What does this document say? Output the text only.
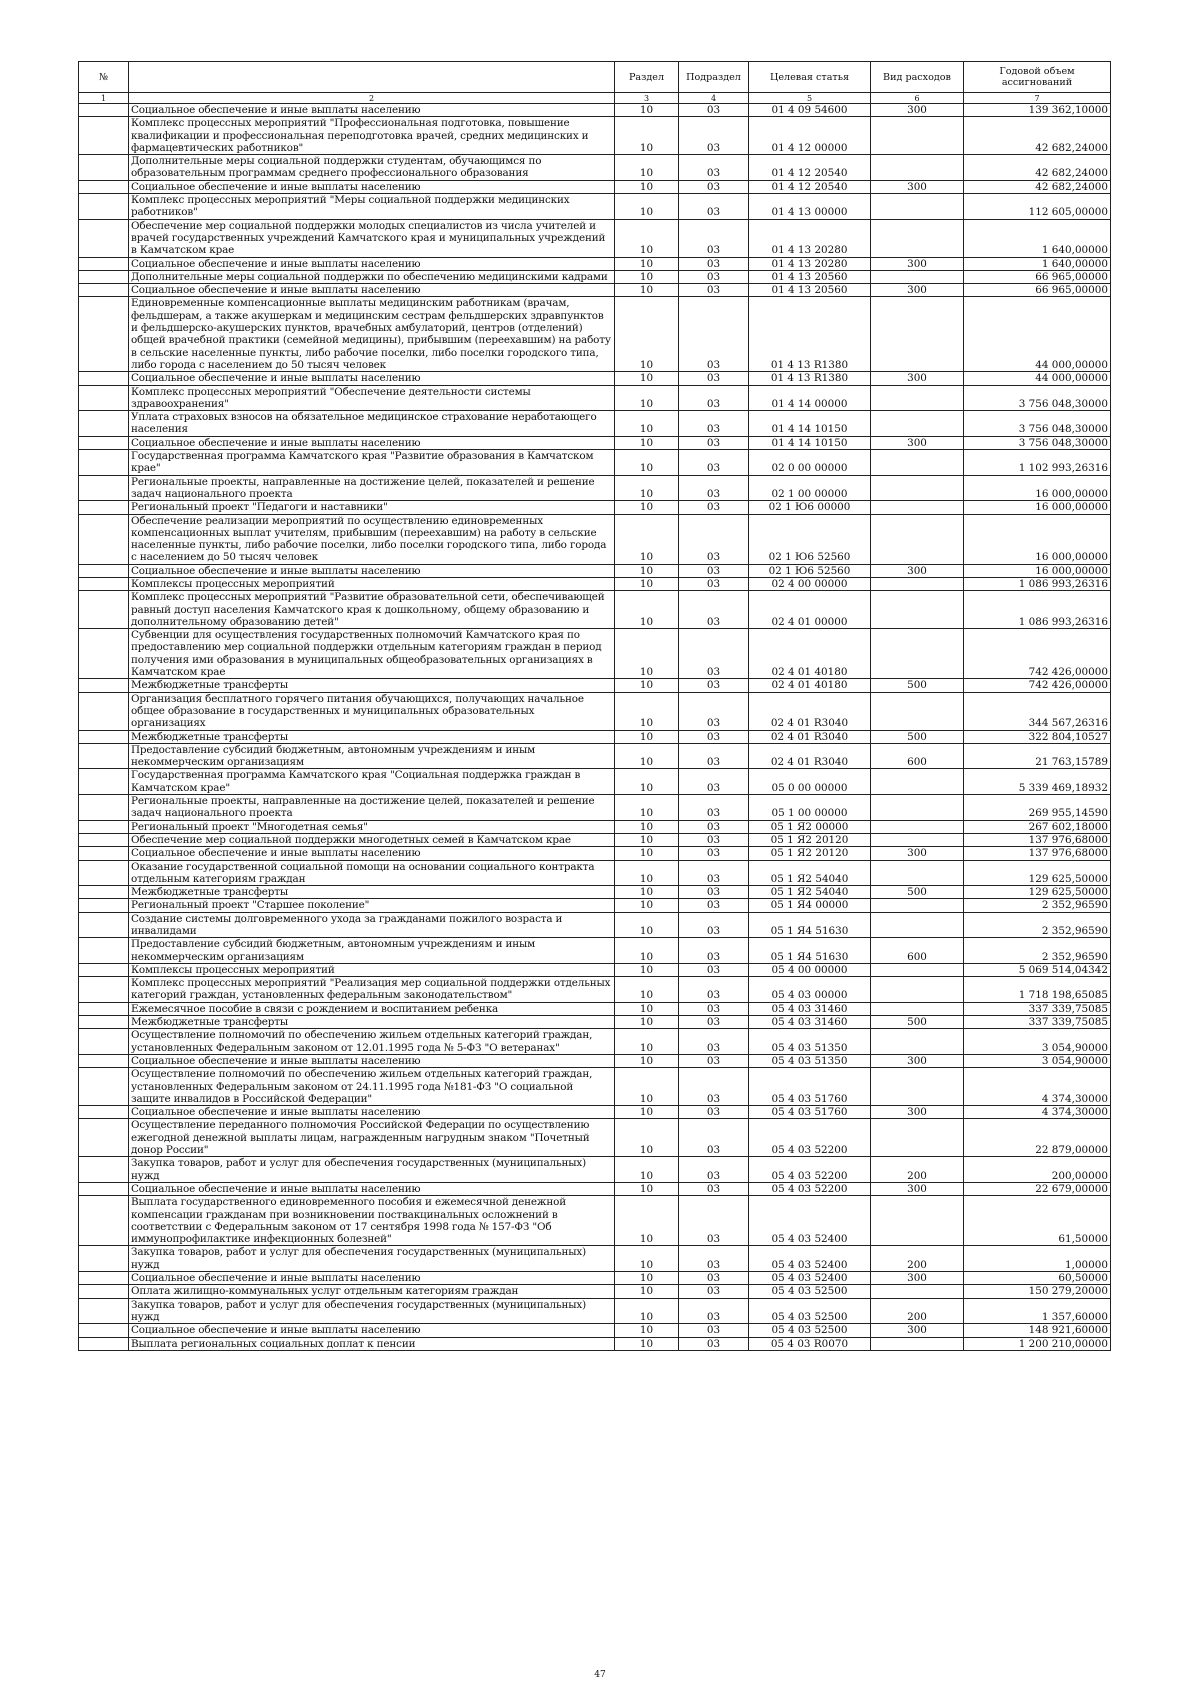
№		Раздел	Подраздел	Целевая статья	Вид расходов	Годовой объем ассигнований
1	2	3	4	5	6	7
	Социальное обеспечение и иные выплаты населению	10	03	01 4 09 54600	300	139 362,10000
	Комплекс процессных мероприятий "Профессиональная подготовка, повышение квалификации и профессиональная переподготовка врачей, средних медицинских и фармацевтических работников"	10	03	01 4 12 00000		42 682,24000
	Дополнительные меры социальной поддержки студентам, обучающимся по образовательным программам среднего профессионального образования	10	03	01 4 12 20540		42 682,24000
	Социальное обеспечение и иные выплаты населению	10	03	01 4 12 20540	300	42 682,24000
	Комплекс процессных мероприятий "Меры социальной поддержки медицинских работников"	10	03	01 4 13 00000		112 605,00000
	Обеспечение мер социальной поддержки молодых специалистов из числа учителей и врачей государственных учреждений Камчатского края и муниципальных учреждений в Камчатском крае	10	03	01 4 13 20280		1 640,00000
	Социальное обеспечение и иные выплаты населению	10	03	01 4 13 20280	300	1 640,00000
	Дополнительные меры социальной поддержки по обеспечению медицинскими кадрами	10	03	01 4 13 20560		66 965,00000
	Социальное обеспечение и иные выплаты населению	10	03	01 4 13 20560	300	66 965,00000
	Единовременные компенсационные выплаты медицинским работникам (врачам, фельдшерам, а также акушеркам и медицинским сестрам фельдшерских здравпунктов и фельдшерско-акушерских пунктов, врачебных амбулаторий, центров (отделений) общей врачебной практики (семейной медицины), прибывшим (переехавшим) на работу в сельские населенные пункты, либо рабочие поселки, либо поселки городского типа, либо города с населением до 50 тысяч человек	10	03	01 4 13 R1380		44 000,00000
	Социальное обеспечение и иные выплаты населению	10	03	01 4 13 R1380	300	44 000,00000
	Комплекс процессных мероприятий "Обеспечение деятельности системы здравоохранения"	10	03	01 4 14 00000		3 756 048,30000
	Уплата страховых взносов на обязательное медицинское страхование неработающего населения	10	03	01 4 14 10150		3 756 048,30000
	Социальное обеспечение и иные выплаты населению	10	03	01 4 14 10150	300	3 756 048,30000
	Государственная программа Камчатского края "Развитие образования в Камчатском крае"	10	03	02 0 00 00000		1 102 993,26316
	Региональные проекты, направленные на достижение целей, показателей и решение задач национального проекта	10	03	02 1 00 00000		16 000,00000
	Региональный проект "Педагоги и наставники"	10	03	02 1 Ю6 00000		16 000,00000
	Обеспечение реализации мероприятий по осуществлению единовременных компенсационных выплат учителям, прибывшим (переехавшим) на работу в сельские населенные пункты, либо рабочие поселки, либо поселки городского типа, либо города с населением до 50 тысяч человек	10	03	02 1 Ю6 52560		16 000,00000
	Социальное обеспечение и иные выплаты населению	10	03	02 1 Ю6 52560	300	16 000,00000
	Комплексы процессных мероприятий	10	03	02 4 00 00000		1 086 993,26316
	Комплекс процессных мероприятий "Развитие образовательной сети, обеспечивающей равный доступ населения Камчатского края к дошкольному, общему образованию и дополнительному образованию детей"	10	03	02 4 01 00000		1 086 993,26316
	Субвенции для осуществления государственных полномочий Камчатского края по предоставлению мер социальной поддержки отдельным категориям граждан в период получения ими образования в муниципальных общеобразовательных организациях в Камчатском крае	10	03	02 4 01 40180		742 426,00000
	Межбюджетные трансферты	10	03	02 4 01 40180	500	742 426,00000
	Организация бесплатного горячего питания обучающихся, получающих начальное общее образование в государственных и муниципальных образовательных организациях	10	03	02 4 01 R3040		344 567,26316
	Межбюджетные трансферты	10	03	02 4 01 R3040	500	322 804,10527
	Предоставление субсидий бюджетным, автономным учреждениям и иным некоммерческим организациям	10	03	02 4 01 R3040	600	21 763,15789
	Государственная программа Камчатского края "Социальная поддержка граждан в Камчатском крае"	10	03	05 0 00 00000		5 339 469,18932
	Региональные проекты, направленные на достижение целей, показателей и решение задач национального проекта	10	03	05 1 00 00000		269 955,14590
	Региональный проект "Многодетная семья"	10	03	05 1 Я2 00000		267 602,18000
	Обеспечение мер социальной поддержки многодетных семей в Камчатском крае	10	03	05 1 Я2 20120		137 976,68000
	Социальное обеспечение и иные выплаты населению	10	03	05 1 Я2 20120	300	137 976,68000
	Оказание государственной социальной помощи на основании социального контракта отдельным категориям граждан	10	03	05 1 Я2 54040		129 625,50000
	Межбюджетные трансферты	10	03	05 1 Я2 54040	500	129 625,50000
	Региональный проект "Старшее поколение"	10	03	05 1 Я4 00000		2 352,96590
	Создание системы долговременного ухода за гражданами пожилого возраста и инвалидами	10	03	05 1 Я4 51630		2 352,96590
	Предоставление субсидий бюджетным, автономным учреждениям и иным некоммерческим организациям	10	03	05 1 Я4 51630	600	2 352,96590
	Комплексы процессных мероприятий	10	03	05 4 00 00000		5 069 514,04342
	Комплекс процессных мероприятий "Реализация мер социальной поддержки отдельных категорий граждан, установленных федеральным законодательством"	10	03	05 4 03 00000		1 718 198,65085
	Ежемесячное пособие в связи с рождением и воспитанием ребенка	10	03	05 4 03 31460		337 339,75085
	Межбюджетные трансферты	10	03	05 4 03 31460	500	337 339,75085
	Осуществление полномочий по обеспечению жильем отдельных категорий граждан, установленных Федеральным законом от 12.01.1995 года № 5-ФЗ "О ветеранах"	10	03	05 4 03 51350		3 054,90000
	Социальное обеспечение и иные выплаты населению	10	03	05 4 03 51350	300	3 054,90000
	Осуществление полномочий по обеспечению жильем отдельных категорий граждан, установленных Федеральным законом от 24.11.1995 года №181-ФЗ "О социальной защите инвалидов в Российской Федерации"	10	03	05 4 03 51760		4 374,30000
	Социальное обеспечение и иные выплаты населению	10	03	05 4 03 51760	300	4 374,30000
	Осуществление переданного полномочия Российской Федерации по осуществлению ежегодной денежной выплаты лицам, награжденным нагрудным знаком "Почетный донор России"	10	03	05 4 03 52200		22 879,00000
	Закупка товаров, работ и услуг для обеспечения государственных (муниципальных) нужд	10	03	05 4 03 52200	200	200,00000
	Социальное обеспечение и иные выплаты населению	10	03	05 4 03 52200	300	22 679,00000
	Выплата государственного единовременного пособия и ежемесячной денежной компенсации гражданам при возникновении поствакцинальных осложнений в соответствии с Федеральным законом от 17 сентября 1998 года № 157-ФЗ "Об иммунопрофилактике инфекционных болезней"	10	03	05 4 03 52400		61,50000
	Закупка товаров, работ и услуг для обеспечения государственных (муниципальных) нужд	10	03	05 4 03 52400	200	1,00000
	Социальное обеспечение и иные выплаты населению	10	03	05 4 03 52400	300	60,50000
	Оплата жилищно-коммунальных услуг отдельным категориям граждан	10	03	05 4 03 52500		150 279,20000
	Закупка товаров, работ и услуг для обеспечения государственных (муниципальных) нужд	10	03	05 4 03 52500	200	1 357,60000
	Социальное обеспечение и иные выплаты населению	10	03	05 4 03 52500	300	148 921,60000
	Выплата региональных социальных доплат к пенсии	10	03	05 4 03 R0070		1 200 210,00000
47
